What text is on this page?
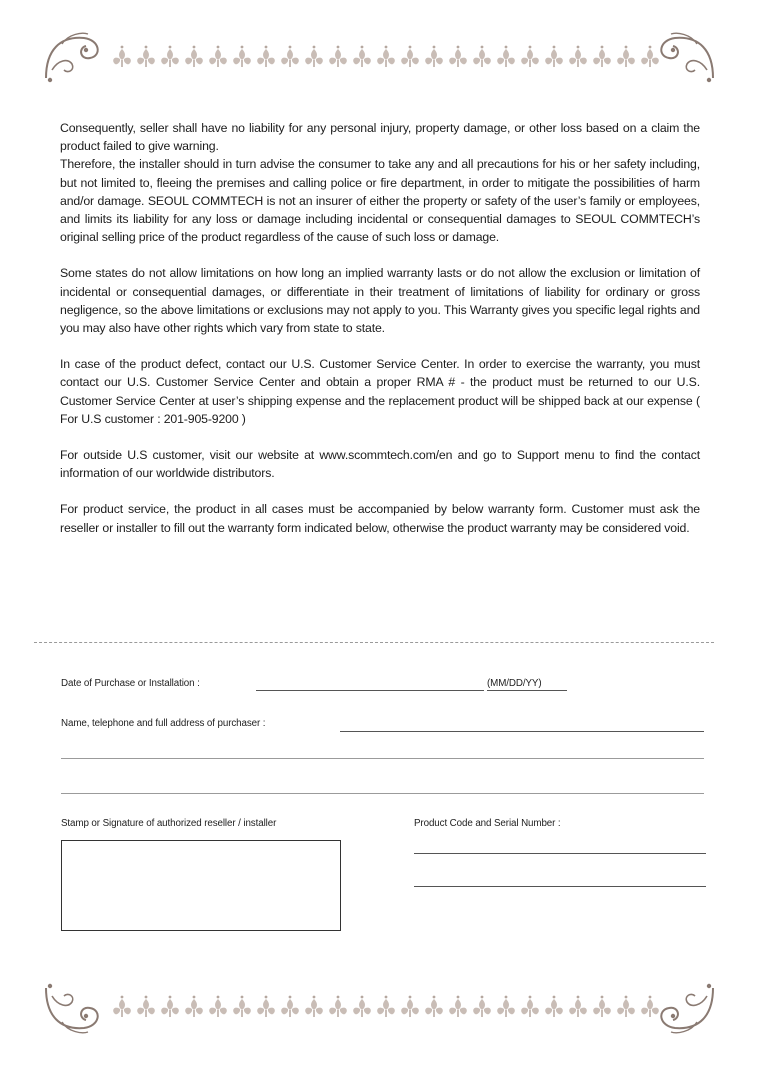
Consequently, seller shall have no liability for any personal injury, property damage, or other loss based on a claim the product failed to give warning.

Therefore, the installer should in turn advise the consumer to take any and all precautions for his or her safety including, but not limited to, fleeing the premises and calling police or fire department, in order to mitigate the possibilities of harm and/or damage. SEOUL COMMTECH is not an insurer of either the property or safety of the user’s family or employees, and limits its liability for any loss or damage including incidental or consequential damages to SEOUL COMMTECH’s original selling price of the product regardless of the cause of such loss or damage.

Some states do not allow limitations on how long an implied warranty lasts or do not allow the exclusion or limitation of incidental or consequential damages, or differentiate in their treatment of limitations of liability for ordinary or gross negligence, so the above limitations or exclusions may not apply to you. This Warranty gives you specific legal rights and you may also have other rights which vary from state to state.

In case of the product defect, contact our U.S. Customer Service Center. In order to exercise the warranty, you must contact our U.S. Customer Service Center and obtain a proper RMA # - the product must be returned to our U.S. Customer Service Center at user’s shipping expense and the replacement product will be shipped back at our expense ( For U.S customer : 201-905-9200 )

For outside U.S customer, visit our website at www.scommtech.com/en and go to Support menu to find the contact information of our worldwide distributors.

For product service, the product in all cases must be accompanied by below warranty form. Customer must ask the reseller or installer to fill out the warranty form indicated below, otherwise the product warranty may be considered void.

Date of Purchase or Installation :	(MM/DD/YY)
Name, telephone and full address of purchaser :
Stamp or Signature of authorized reseller / installer	Product Code and Serial Number :
